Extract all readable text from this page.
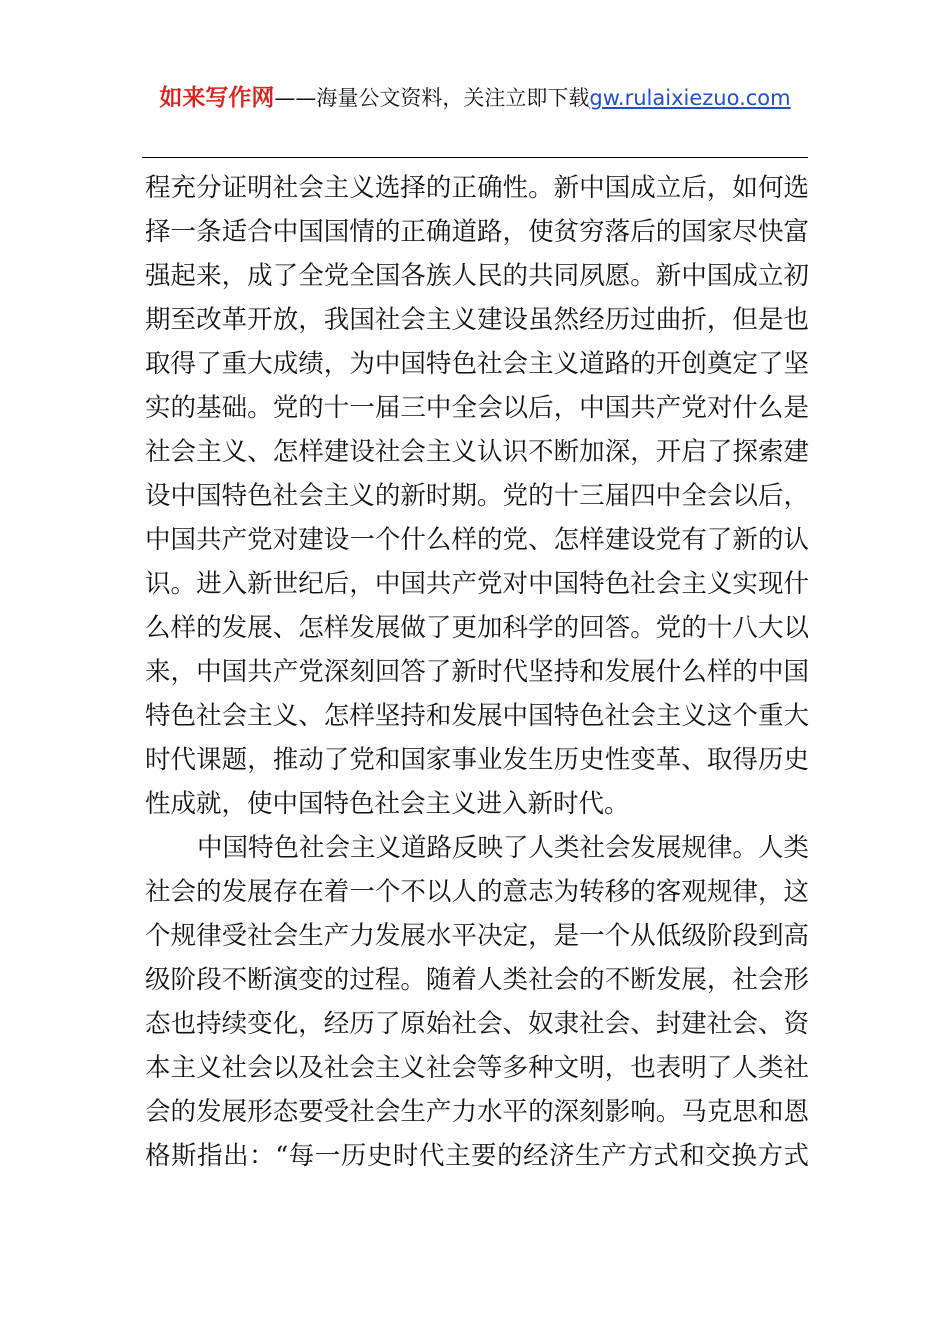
如来写作网——海量公文资料，关注立即下载gw.rulaixiezuo.com
程充分证明社会主义选择的正确性。新中国成立后，如何选
择一条适合中国国情的正确道路，使贫穷落后的国家尽快富
强起来，成了全党全国各族人民的共同夙愿。新中国成立初
期至改革开放，我国社会主义建设虽然经历过曲折，但是也
取得了重大成绩，为中国特色社会主义道路的开创奠定了坚
实的基础。党的十一届三中全会以后，中国共产党对什么是
社会主义、怎样建设社会主义认识不断加深，开启了探索建
设中国特色社会主义的新时期。党的十三届四中全会以后，
中国共产党对建设一个什么样的党、怎样建设党有了新的认
识。进入新世纪后，中国共产党对中国特色社会主义实现什
么样的发展、怎样发展做了更加科学的回答。党的十八大以
来，中国共产党深刻回答了新时代坚持和发展什么样的中国
特色社会主义、怎样坚持和发展中国特色社会主义这个重大
时代课题，推动了党和国家事业发生历史性变革、取得历史
性成就，使中国特色社会主义进入新时代。
中国特色社会主义道路反映了人类社会发展规律。人类
社会的发展存在着一个不以人的意志为转移的客观规律，这
个规律受社会生产力发展水平决定，是一个从低级阶段到高
级阶段不断演变的过程。随着人类社会的不断发展，社会形
态也持续变化，经历了原始社会、奴隶社会、封建社会、资
本主义社会以及社会主义社会等多种文明，也表明了人类社
会的发展形态要受社会生产力水平的深刻影响。马克思和恩
格斯指出：“每一历史时代主要的经济生产方式和交换方式
